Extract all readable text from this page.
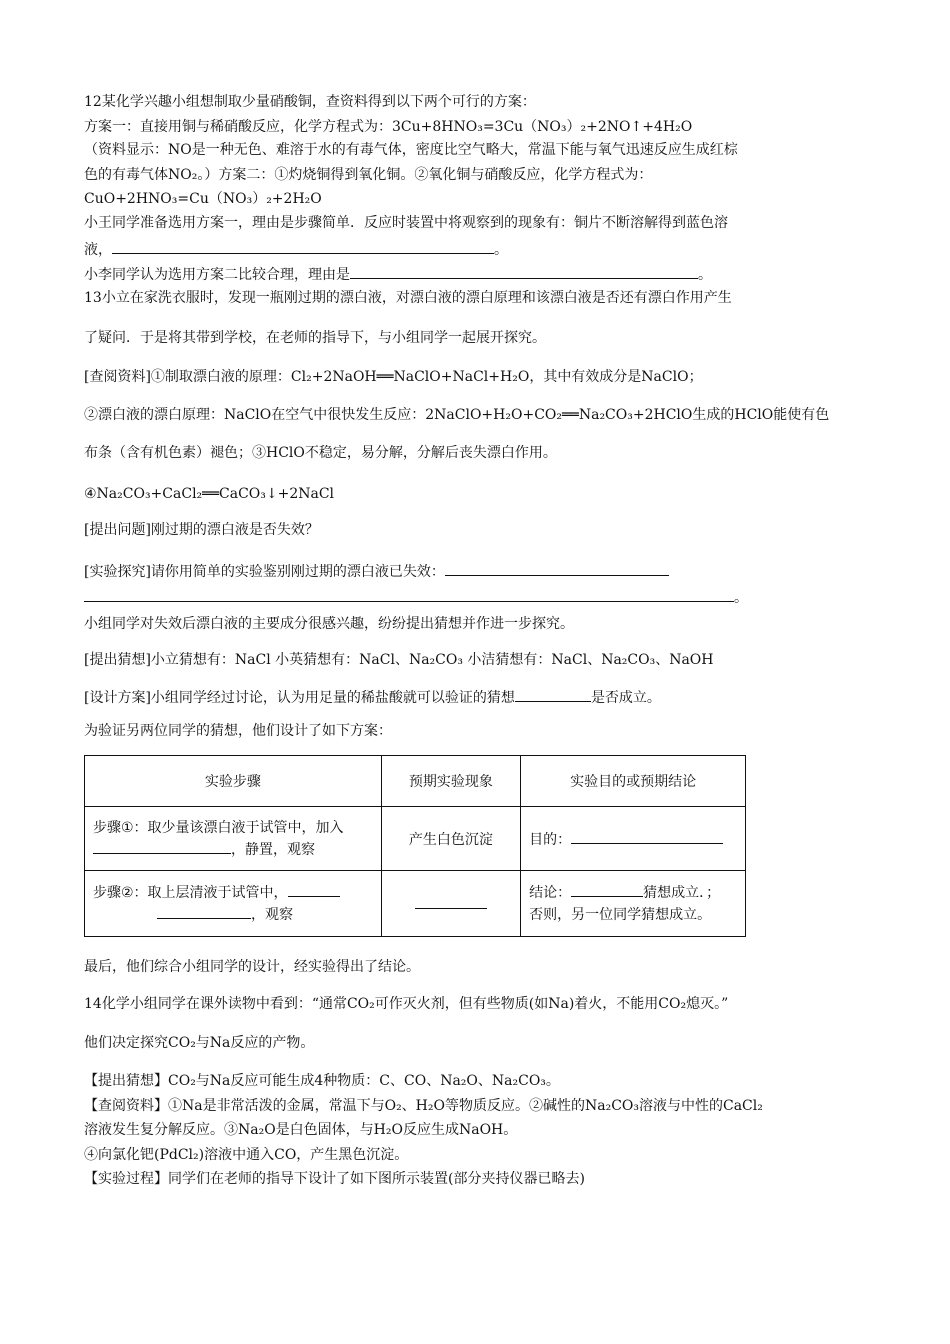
12某化学兴趣小组想制取少量硝酸铜，查资料得到以下两个可行的方案：
方案一：直接用铜与稀硝酸反应，化学方程式为：3Cu+8HNO₃=3Cu（NO₃）₂+2NO↑+4H₂O
（资料显示：NO是一种无色、难溶于水的有毒气体，密度比空气略大，常温下能与氧气迅速反应生成红棕
色的有毒气体NO₂。）方案二：①灼烧铜得到氧化铜。②氧化铜与硝酸反应，化学方程式为：
CuO+2HNO₃=Cu（NO₃）₂+2H₂O
小王同学准备选用方案一，理由是步骤简单．反应时装置中将观察到的现象有：铜片不断溶解得到蓝色溶
液，	。
小李同学认为选用方案二比较合理，理由是	。
13小立在家洗衣服时，发现一瓶刚过期的漂白液，对漂白液的漂白原理和该漂白液是否还有漂白作用产生
了疑问．于是将其带到学校，在老师的指导下，与小组同学一起展开探究。
[查阅资料]①制取漂白液的原理：Cl₂+2NaOH══NaClO+NaCl+H₂O，其中有效成分是NaClO；
②漂白液的漂白原理：NaClO在空气中很快发生反应：2NaClO+H₂O+CO₂══Na₂CO₃+2HClO生成的HClO能使有色
布条（含有机色素）褪色；③HClO不稳定，易分解，分解后丧失漂白作用。
④Na₂CO₃+CaCl₂══CaCO₃↓+2NaCl
[提出问题]刚过期的漂白液是否失效？
[实验探究]请你用简单的实验鉴别刚过期的漂白液已失效：
。
小组同学对失效后漂白液的主要成分很感兴趣，纷纷提出猜想并作进一步探究。
[提出猜想]小立猜想有：NaCl 小英猜想有：NaCl、Na₂CO₃ 小洁猜想有：NaCl、Na₂CO₃、NaOH
[设计方案]小组同学经过讨论，认为用足量的稀盐酸就可以验证的猜想	是否成立。
为验证另两位同学的猜想，他们设计了如下方案：
实验步骤	预期实验现象	实验目的或预期结论

步骤①：取少量该漂白液于试管中，加入
，静置，观察	产生白色沉淀	目的：

步骤②：取上层清液于试管中，
，观察		结论： 猜想成立．；
否则，另一位同学猜想成立。
最后，他们综合小组同学的设计，经实验得出了结论。
14化学小组同学在课外读物中看到：“通常CO₂可作灭火剂，但有些物质(如Na)着火，不能用CO₂熄灭。”
他们决定探究CO₂与Na反应的产物。
【提出猜想】CO₂与Na反应可能生成4种物质：C、CO、Na₂O、Na₂CO₃。
【查阅资料】①Na是非常活泼的金属，常温下与O₂、H₂O等物质反应。②碱性的Na₂CO₃溶液与中性的CaCl₂
溶液发生复分解反应。③Na₂O是白色固体，与H₂O反应生成NaOH。
④向氯化钯(PdCl₂)溶液中通入CO，产生黑色沉淀。
【实验过程】同学们在老师的指导下设计了如下图所示装置(部分夹持仪器已略去)
